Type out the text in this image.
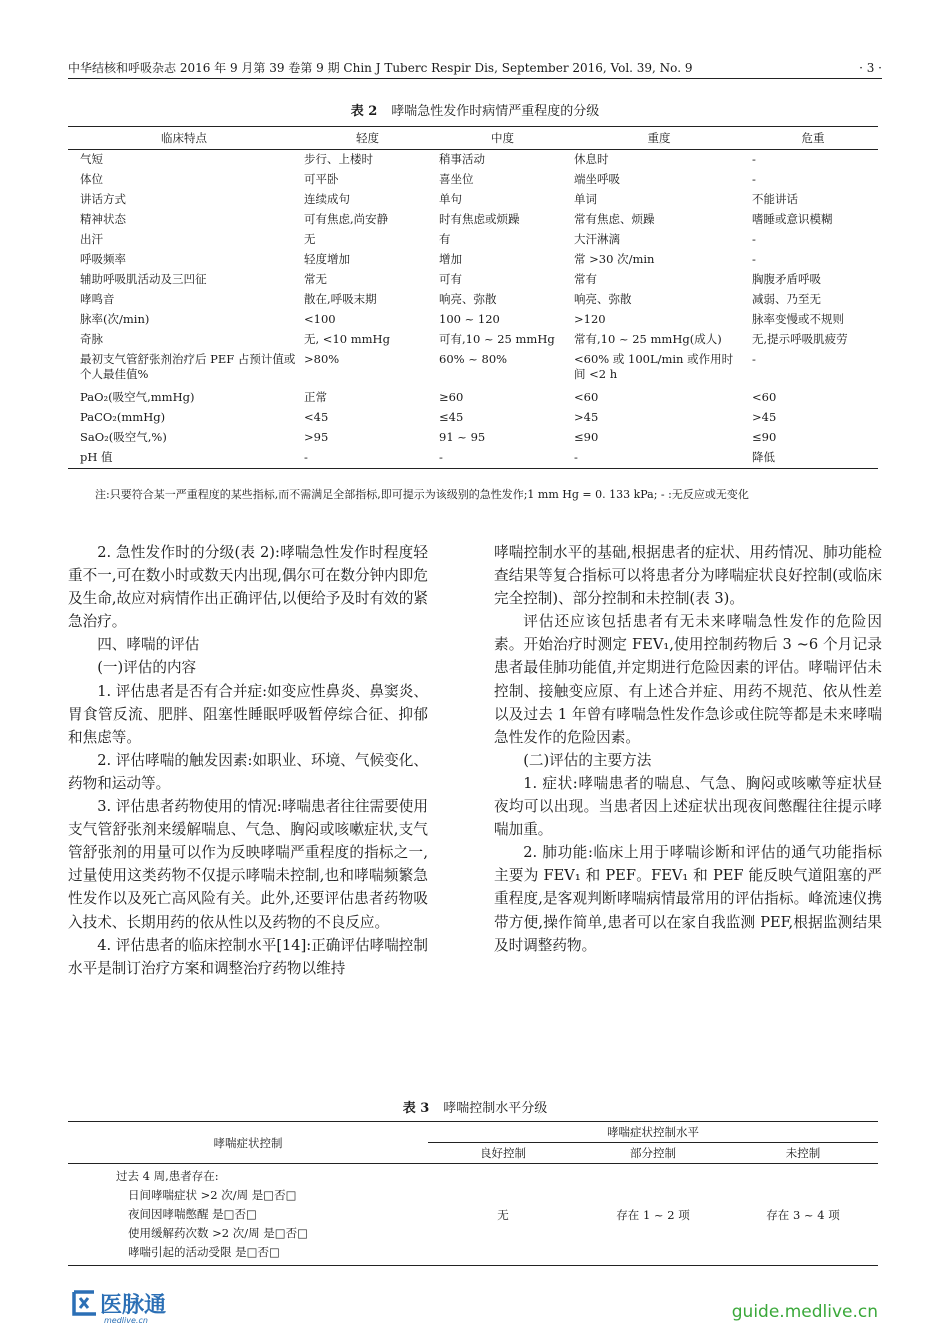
中华结核和呼吸杂志 2016 年 9 月第 39 卷第 9 期 Chin J Tuberc Respir Dis, September 2016, Vol. 39, No. 9	· 3 ·
表 2 哮喘急性发作时病情严重程度的分级
临床特点	轻度	中度	重度	危重
气短	步行、上楼时	稍事活动	休息时	-
体位	可平卧	喜坐位	端坐呼吸	-
讲话方式	连续成句	单句	单词	不能讲话
精神状态	可有焦虑,尚安静	时有焦虑或烦躁	常有焦虑、烦躁	嗜睡或意识模糊
出汗	无	有	大汗淋漓	-
呼吸频率	轻度增加	增加	常 >30 次/min	-
辅助呼吸肌活动及三凹征	常无	可有	常有	胸腹矛盾呼吸
哮鸣音	散在,呼吸末期	响亮、弥散	响亮、弥散	减弱、乃至无
脉率(次/min)	<100	100 ~ 120	>120	脉率变慢或不规则
奇脉	无, <10 mmHg	可有,10 ~ 25 mmHg	常有,10 ~ 25 mmHg(成人)	无,提示呼吸肌疲劳
最初支气管舒张剂治疗后 PEF 占预计值或个人最佳值%	>80%	60% ~ 80%	<60% 或 100L/min 或作用时间 <2 h	-
PaO₂(吸空气,mmHg)	正常	≥60	<60	<60
PaCO₂(mmHg)	<45	≤45	>45	>45
SaO₂(吸空气,%)	>95	91 ~ 95	≤90	≤90
pH 值	-	-	-	降低
注:只要符合某一严重程度的某些指标,而不需满足全部指标,即可提示为该级别的急性发作;1 mm Hg = 0. 133 kPa; - :无反应或无变化

2. 急性发作时的分级(表 2):哮喘急性发作时程度轻重不一,可在数小时或数天内出现,偶尔可在数分钟内即危及生命,故应对病情作出正确评估,以便给予及时有效的紧急治疗。

四、哮喘的评估

(一)评估的内容

1. 评估患者是否有合并症:如变应性鼻炎、鼻窦炎、胃食管反流、肥胖、阻塞性睡眠呼吸暂停综合征、抑郁和焦虑等。

2. 评估哮喘的触发因素:如职业、环境、气候变化、药物和运动等。

3. 评估患者药物使用的情况:哮喘患者往往需要使用支气管舒张剂来缓解喘息、气急、胸闷或咳嗽症状,支气管舒张剂的用量可以作为反映哮喘严重程度的指标之一,过量使用这类药物不仅提示哮喘未控制,也和哮喘频繁急性发作以及死亡高风险有关。此外,还要评估患者药物吸入技术、长期用药的依从性以及药物的不良反应。

4. 评估患者的临床控制水平[14]:正确评估哮喘控制水平是制订治疗方案和调整治疗药物以维持

哮喘控制水平的基础,根据患者的症状、用药情况、肺功能检查结果等复合指标可以将患者分为哮喘症状良好控制(或临床完全控制)、部分控制和未控制(表 3)。

评估还应该包括患者有无未来哮喘急性发作的危险因素。开始治疗时测定 FEV₁,使用控制药物后 3 ~6 个月记录患者最佳肺功能值,并定期进行危险因素的评估。哮喘评估未控制、接触变应原、有上述合并症、用药不规范、依从性差以及过去 1 年曾有哮喘急性发作急诊或住院等都是未来哮喘急性发作的危险因素。

(二)评估的主要方法

1. 症状:哮喘患者的喘息、气急、胸闷或咳嗽等症状昼夜均可以出现。当患者因上述症状出现夜间憋醒往往提示哮喘加重。

2. 肺功能:临床上用于哮喘诊断和评估的通气功能指标主要为 FEV₁ 和 PEF。FEV₁ 和 PEF 能反映气道阻塞的严重程度,是客观判断哮喘病情最常用的评估指标。峰流速仪携带方便,操作简单,患者可以在家自我监测 PEF,根据监测结果及时调整药物。

表 3 哮喘控制水平分级
哮喘症状控制	哮喘症状控制水平		
	良好控制	部分控制	未控制

过去 4 周,患者存在:
日间哮喘症状 >2 次/周 是□否□
夜间因哮喘憋醒 是□否□
使用缓解药次数 >2 次/周 是□否□
哮喘引起的活动受限 是□否□	无	存在 1 ~ 2 项	存在 3 ~ 4 项
医脉通
medlive.cn	guide.medlive.cn
